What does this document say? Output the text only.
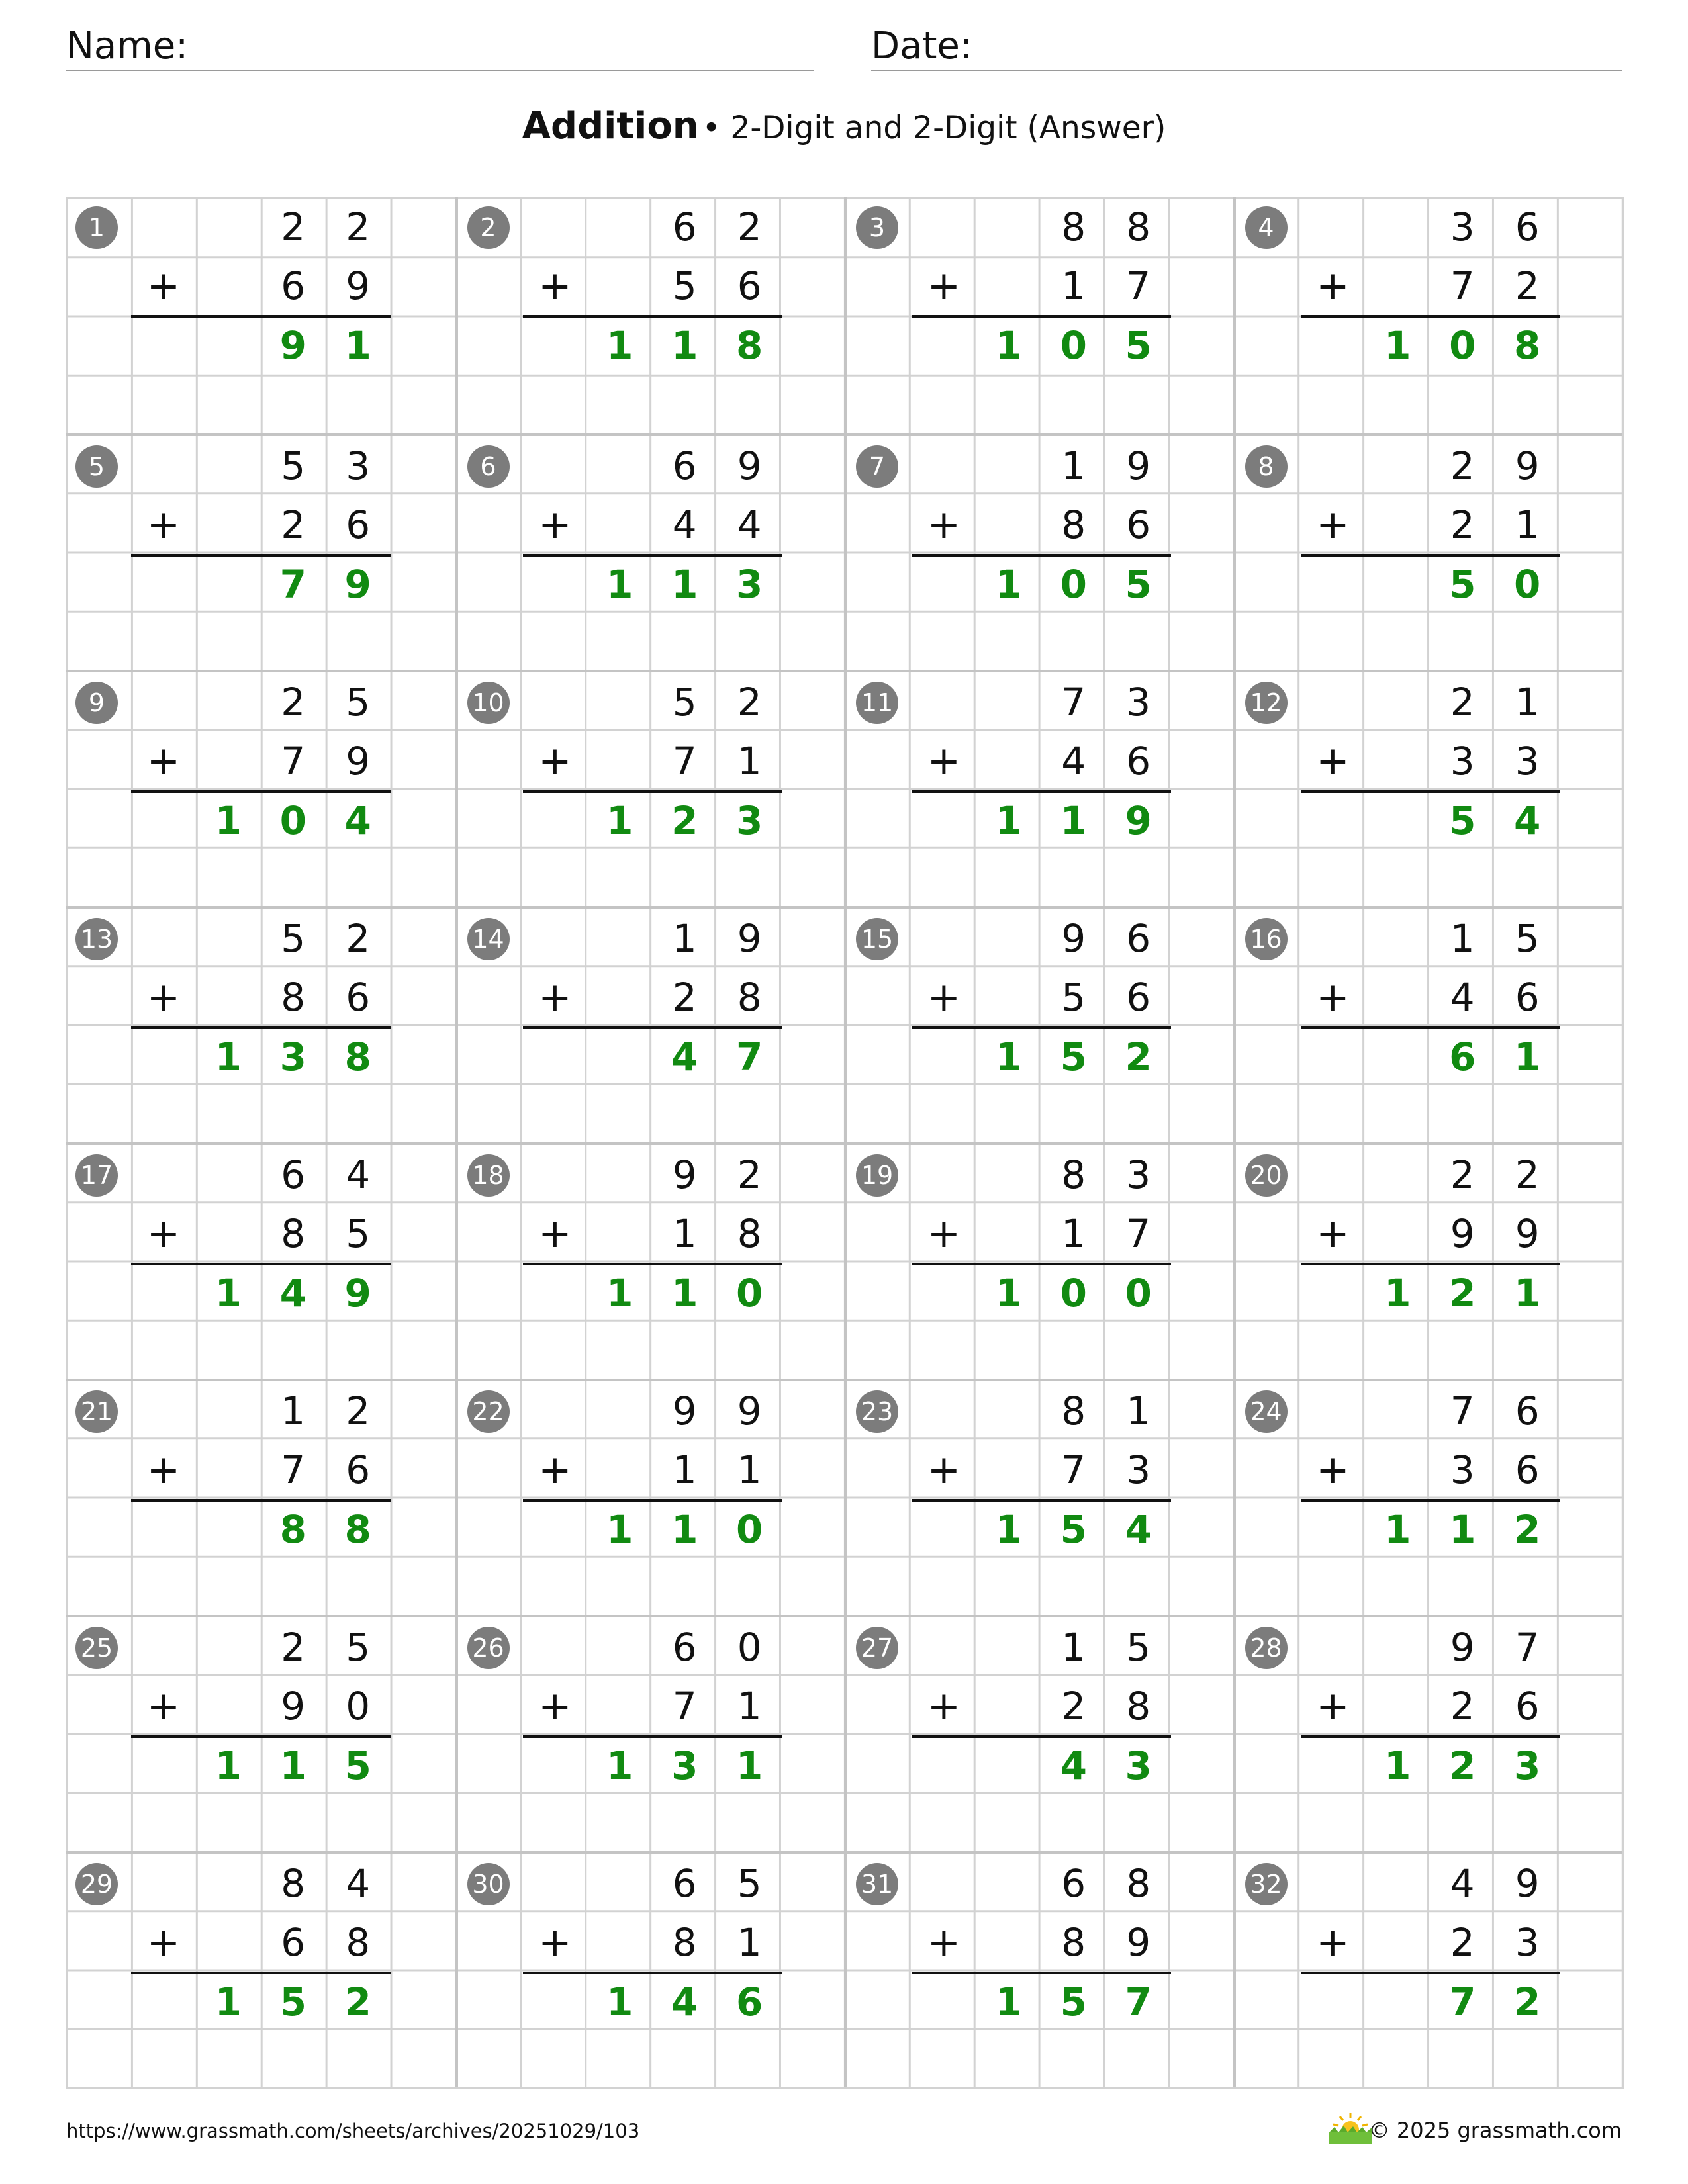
Name:	Date:
Addition • 2-Digit and 2-Digit (Answer)
1	2	2
6	9
+
9 1
2	6	2
5	6
+
1 1 8
3	8	8
1	7
+
1 0 5
4	3	6
7	2
+
1 0 8
5	5	3
2	6
+
7 9
6	6	9
4	4
+
1 1 3
7	1	9
8	6
+
1 0 5
8	2	9
2	1
+
5 0
9	2	5
7	9
+
1 0 4
10	5	2
7	1
+
1 2 3
11	7	3
4	6
+
1 1 9
12	2	1
3	3
+
5 4
13	5	2
8	6
+
1 3 8
14	1	9
2	8
+
4 7
15	9	6
5	6
+
1 5 2
16	1	5
4	6
+
6 1
17	6	4
8	5
+
1 4 9
18	9	2
1	8
+
1 1 0
19	8	3
1	7
+
1 0 0
20	2	2
9	9
+
1 2 1
21	1	2
7	6
+
8 8
22	9	9
1	1
+
1 1 0
23	8	1
7	3
+
1 5 4
24	7	6
3	6
+
1 1 2
25	2	5
9	0
+
1 1 5
26	6	0
7	1
+
1 3 1
27	1	5
2	8
+
4 3
28	9	7
2	6
+
1 2 3
29	8	4
6	8
+
1 5 2
30	6	5
8	1
+
1 4 6
31	6	8
8	9
+
1 5 7
32	4	9
2	3
+
7 2
https://www.grassmath.com/sheets/archives/20251029/103	© 2025 grassmath.com
